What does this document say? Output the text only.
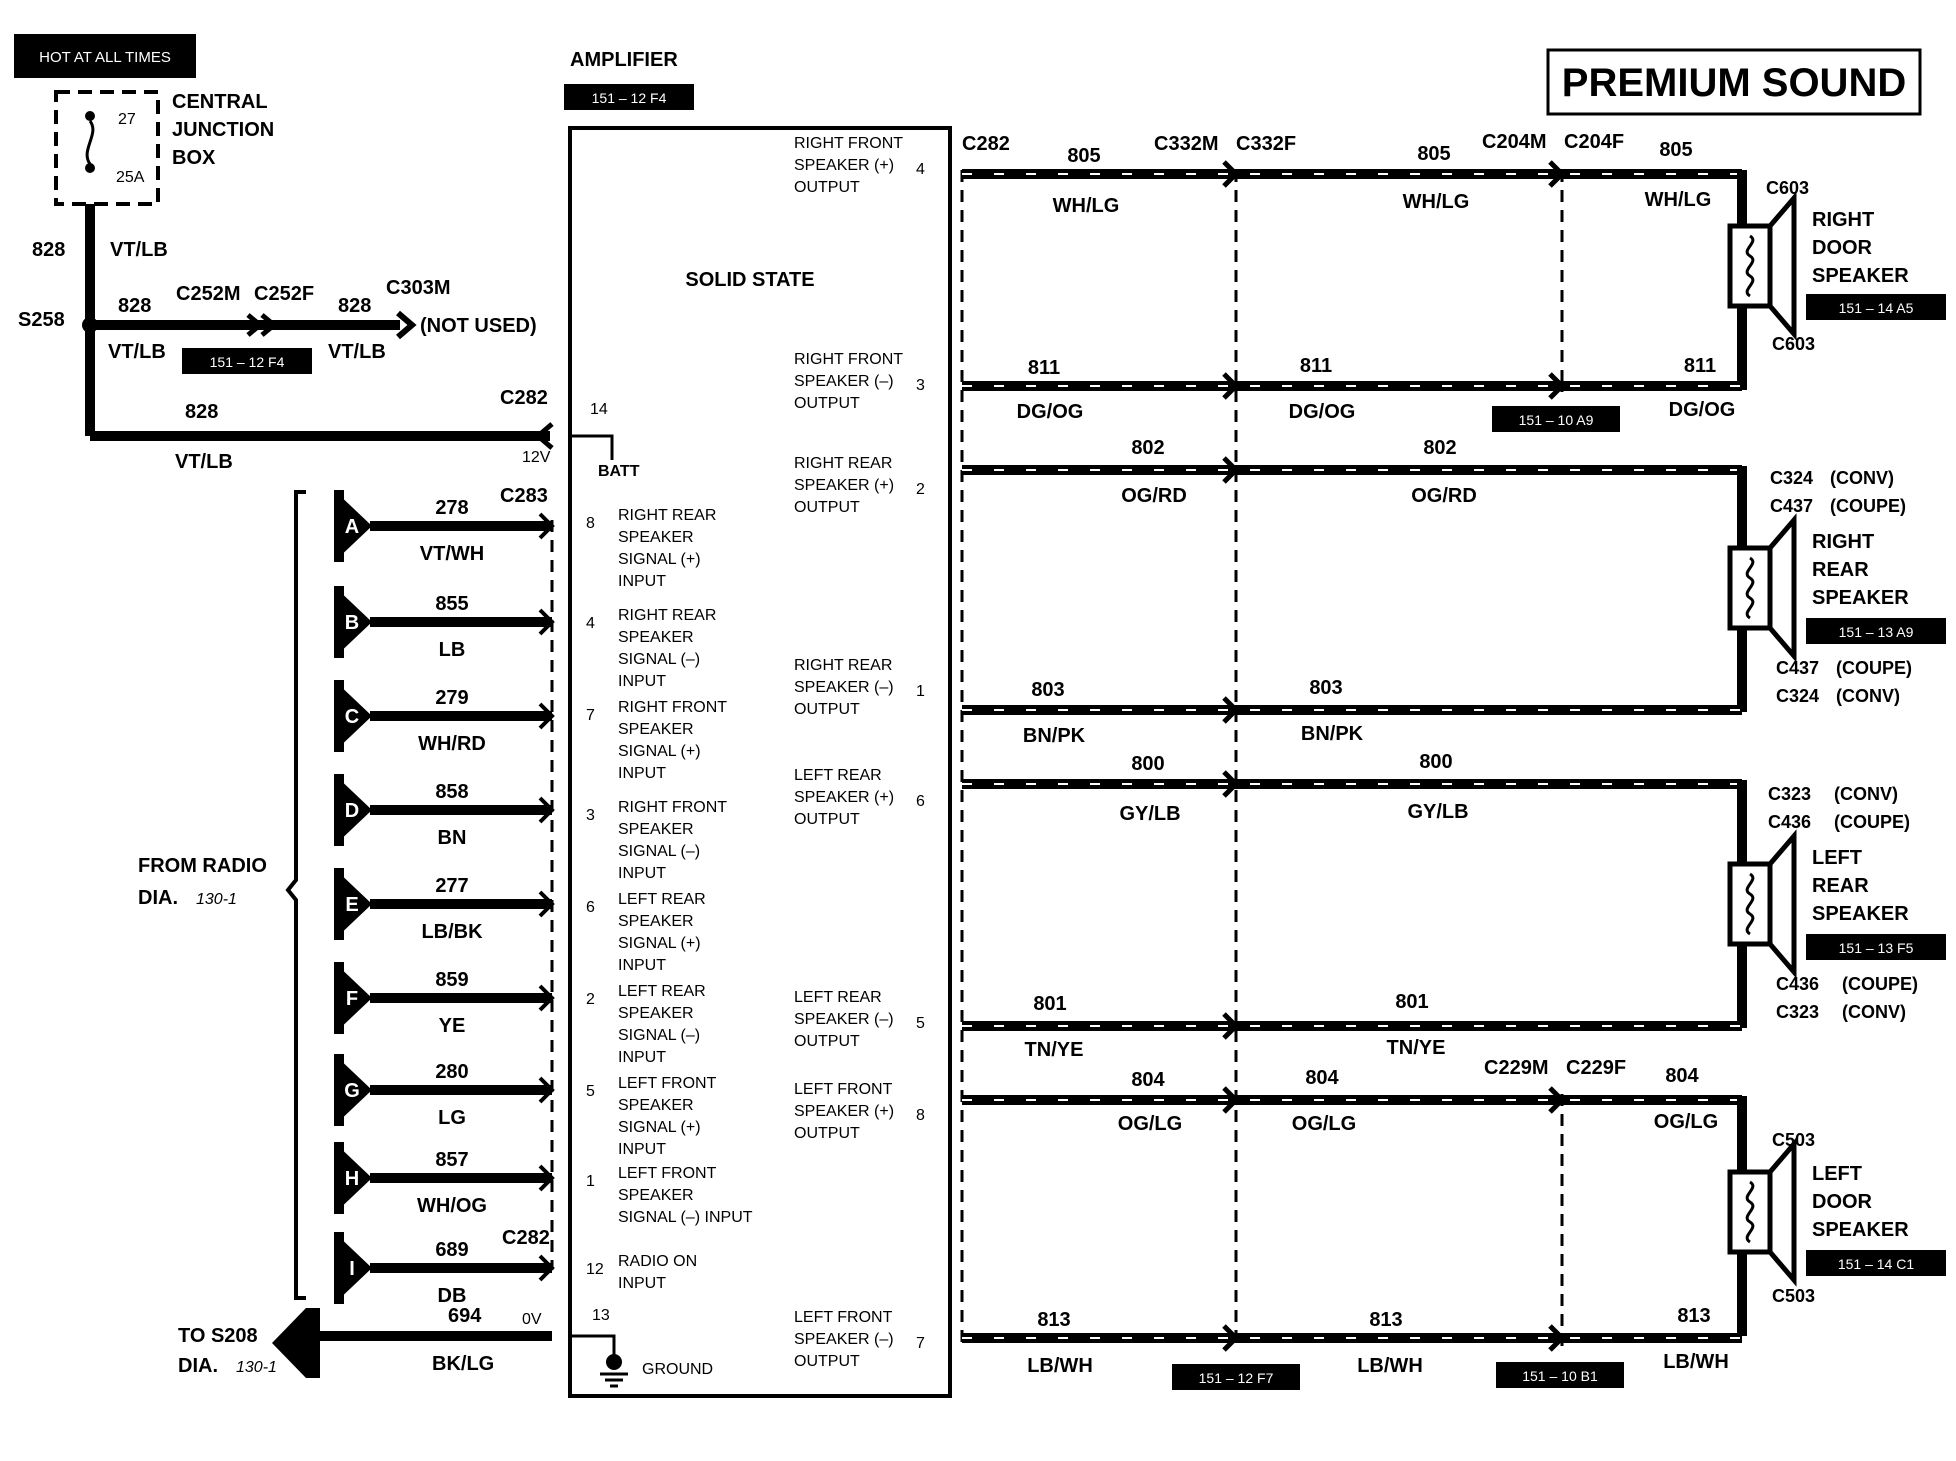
PREMIUM SOUND
HOT AT ALL TIMES
27
25A
CENTRAL
JUNCTION
BOX
S258
828 VT/LB
828
VT/LB
C252M C252F
151 – 12 F4
828
VT/LB
C303M
(NOT USED)
828
VT/LB
C282
12V
AMPLIFIER
151 – 12 F4
SOLID STATE
14
BATT
13
GROUND
8 RIGHT REAR
SPEAKER
SIGNAL (+)
INPUT
4 RIGHT REAR
SPEAKER
SIGNAL (–)
INPUT
7 RIGHT FRONT
SPEAKER
SIGNAL (+)
INPUT
3 RIGHT FRONT
SPEAKER
SIGNAL (–)
INPUT
6 LEFT REAR
SPEAKER
SIGNAL (+)
INPUT
2 LEFT REAR
SPEAKER
SIGNAL (–)
INPUT
5 LEFT FRONT
SPEAKER
SIGNAL (+)
INPUT
1 LEFT FRONT
SPEAKER
SIGNAL (–) INPUT
12 RADIO ON
INPUT
4
RIGHT FRONT
SPEAKER (+)
OUTPUT
3
RIGHT FRONT
SPEAKER (–)
OUTPUT
2
RIGHT REAR
SPEAKER (+)
OUTPUT
1
RIGHT REAR
SPEAKER (–)
OUTPUT
6
LEFT REAR
SPEAKER (+)
OUTPUT
5
LEFT REAR
SPEAKER (–)
OUTPUT
8
LEFT FRONT
SPEAKER (+)
OUTPUT
7
LEFT FRONT
SPEAKER (–)
OUTPUT
FROM RADIO
DIA. 130-1
C283
C282
A
278
VT/WH
B
855
LB
C
279
WH/RD
D
858
BN
E
277
LB/BK
F
859
YE
G
280
LG
H
857
WH/OG
I
689
DB
J
694
BK/LG
0V
TO S208
DIA. 130-1
C282	C332M C332F	C204M C204F
C229M C229F
805
WH/LG
805
WH/LG
805
WH/LG
811
DG/OG
811
DG/OG
811
DG/OG
151 – 10 A9
802
OG/RD
802
OG/RD
803
BN/PK
803
BN/PK
800
GY/LB
800
GY/LB
801
TN/YE
801
TN/YE
804
OG/LG
804
OG/LG
804
OG/LG
813
LB/WH
813
LB/WH
813
LB/WH
151 – 12 F7	151 – 10 B1
C603
C603
RIGHT
DOOR
SPEAKER
151 – 14 A5
C324 (CONV)
C437 (COUPE)
RIGHT
REAR
SPEAKER
151 – 13 A9
C437 (COUPE)
C324 (CONV)
C323 (CONV)
C436 (COUPE)
LEFT
REAR
SPEAKER
151 – 13 F5
C436 (COUPE)
C323 (CONV)
C503
C503
LEFT
DOOR
SPEAKER
151 – 14 C1
